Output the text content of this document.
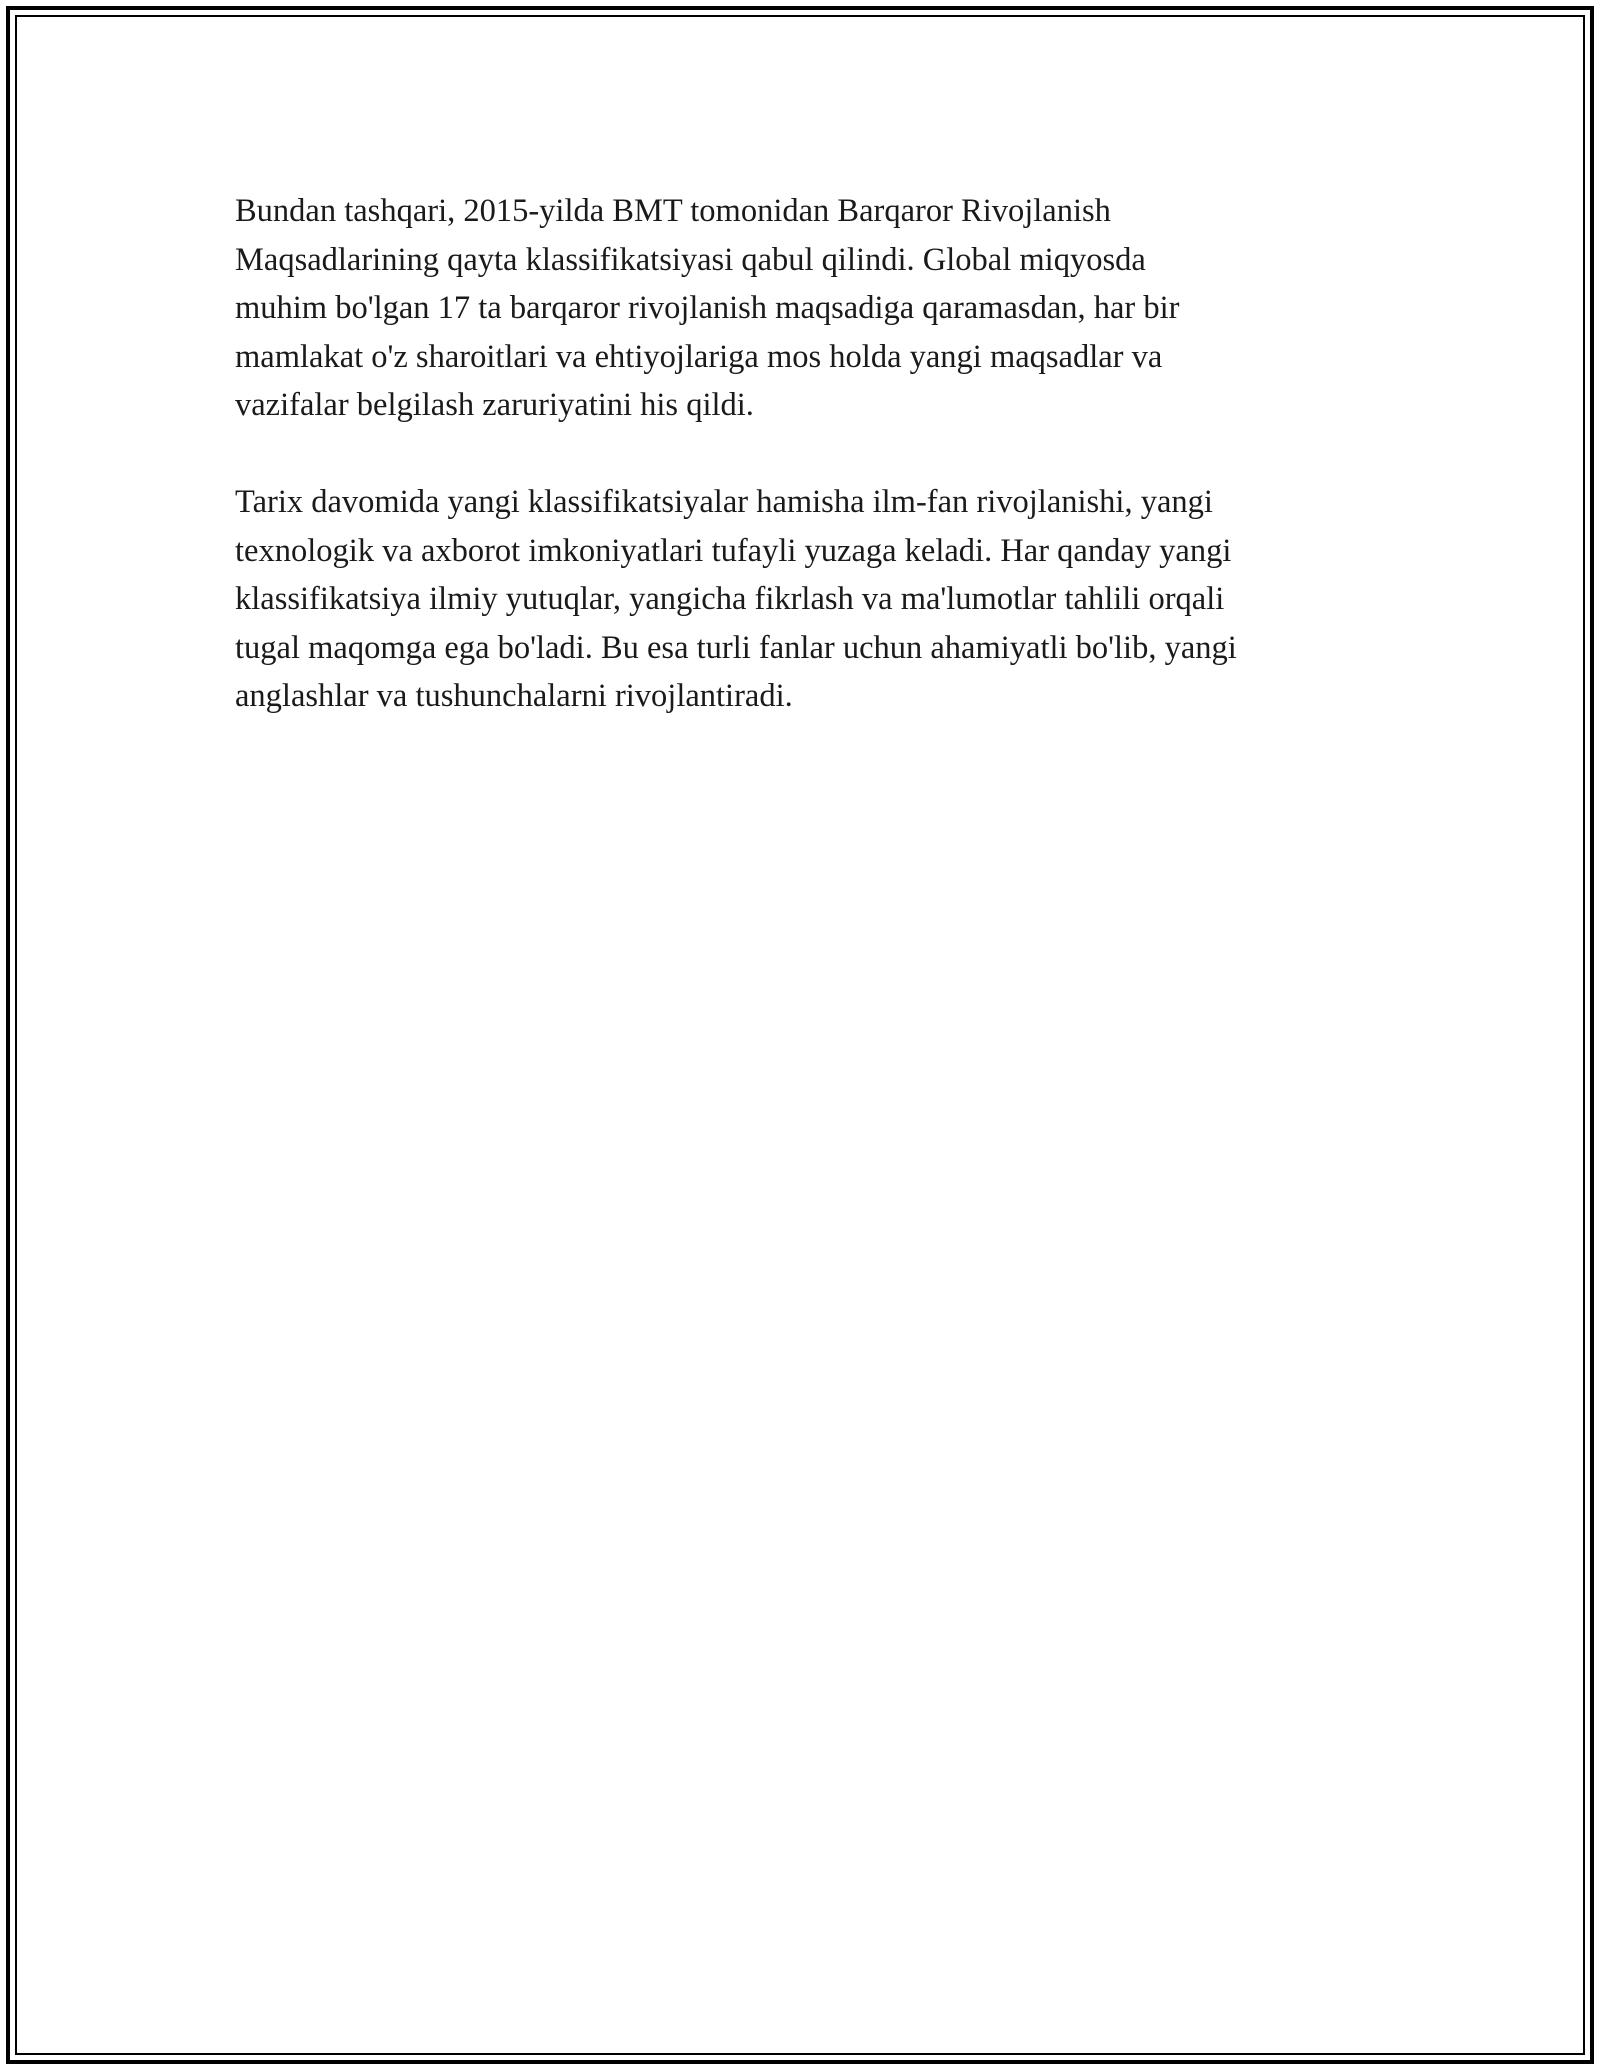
Bundan tashqari, 2015-yilda BMT tomonidan Barqaror Rivojlanish
Maqsadlarining qayta klassifikatsiyasi qabul qilindi. Global miqyosda
muhim bo'lgan 17 ta barqaror rivojlanish maqsadiga qaramasdan, har bir
mamlakat o'z sharoitlari va ehtiyojlariga mos holda yangi maqsadlar va
vazifalar belgilash zaruriyatini his qildi.

Tarix davomida yangi klassifikatsiyalar hamisha ilm-fan rivojlanishi, yangi
texnologik va axborot imkoniyatlari tufayli yuzaga keladi. Har qanday yangi
klassifikatsiya ilmiy yutuqlar, yangicha fikrlash va ma'lumotlar tahlili orqali
tugal maqomga ega bo'ladi. Bu esa turli fanlar uchun ahamiyatli bo'lib, yangi
anglashlar va tushunchalarni rivojlantiradi.
